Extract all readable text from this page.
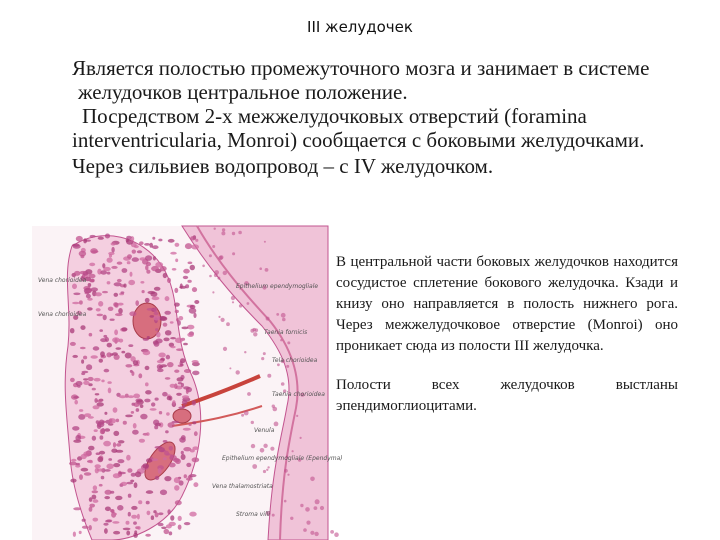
III желудочек

Является полостью промежуточного мозга и занимает в системе желудочков центральное положение.

Посредством 2-х межжелудочковых отверстий (foramina interventricularia, Monroi) сообщается с боковыми желудочками.

Через сильвиев водопровод – с IV желудочком.

Vena chorioidea
Vena chorioidea
Epithelium ependymogliale
Taenia fornicis
Tela chorioidea
Taenia chorioidea
Venula
Epithelium ependymogliale (Ependyma)
Vena thalamostriata
Stroma villi

В центральной части боковых желудочков находится сосудистое сплетение бокового желудочка. Кзади и книзу оно направляется в полость нижнего рога. Через межжелудочковое отверстие (Monroi) оно проникает сюда из полости III желудочка.

Полости всех желудочков выстланы эпендимоглиоцитами.
